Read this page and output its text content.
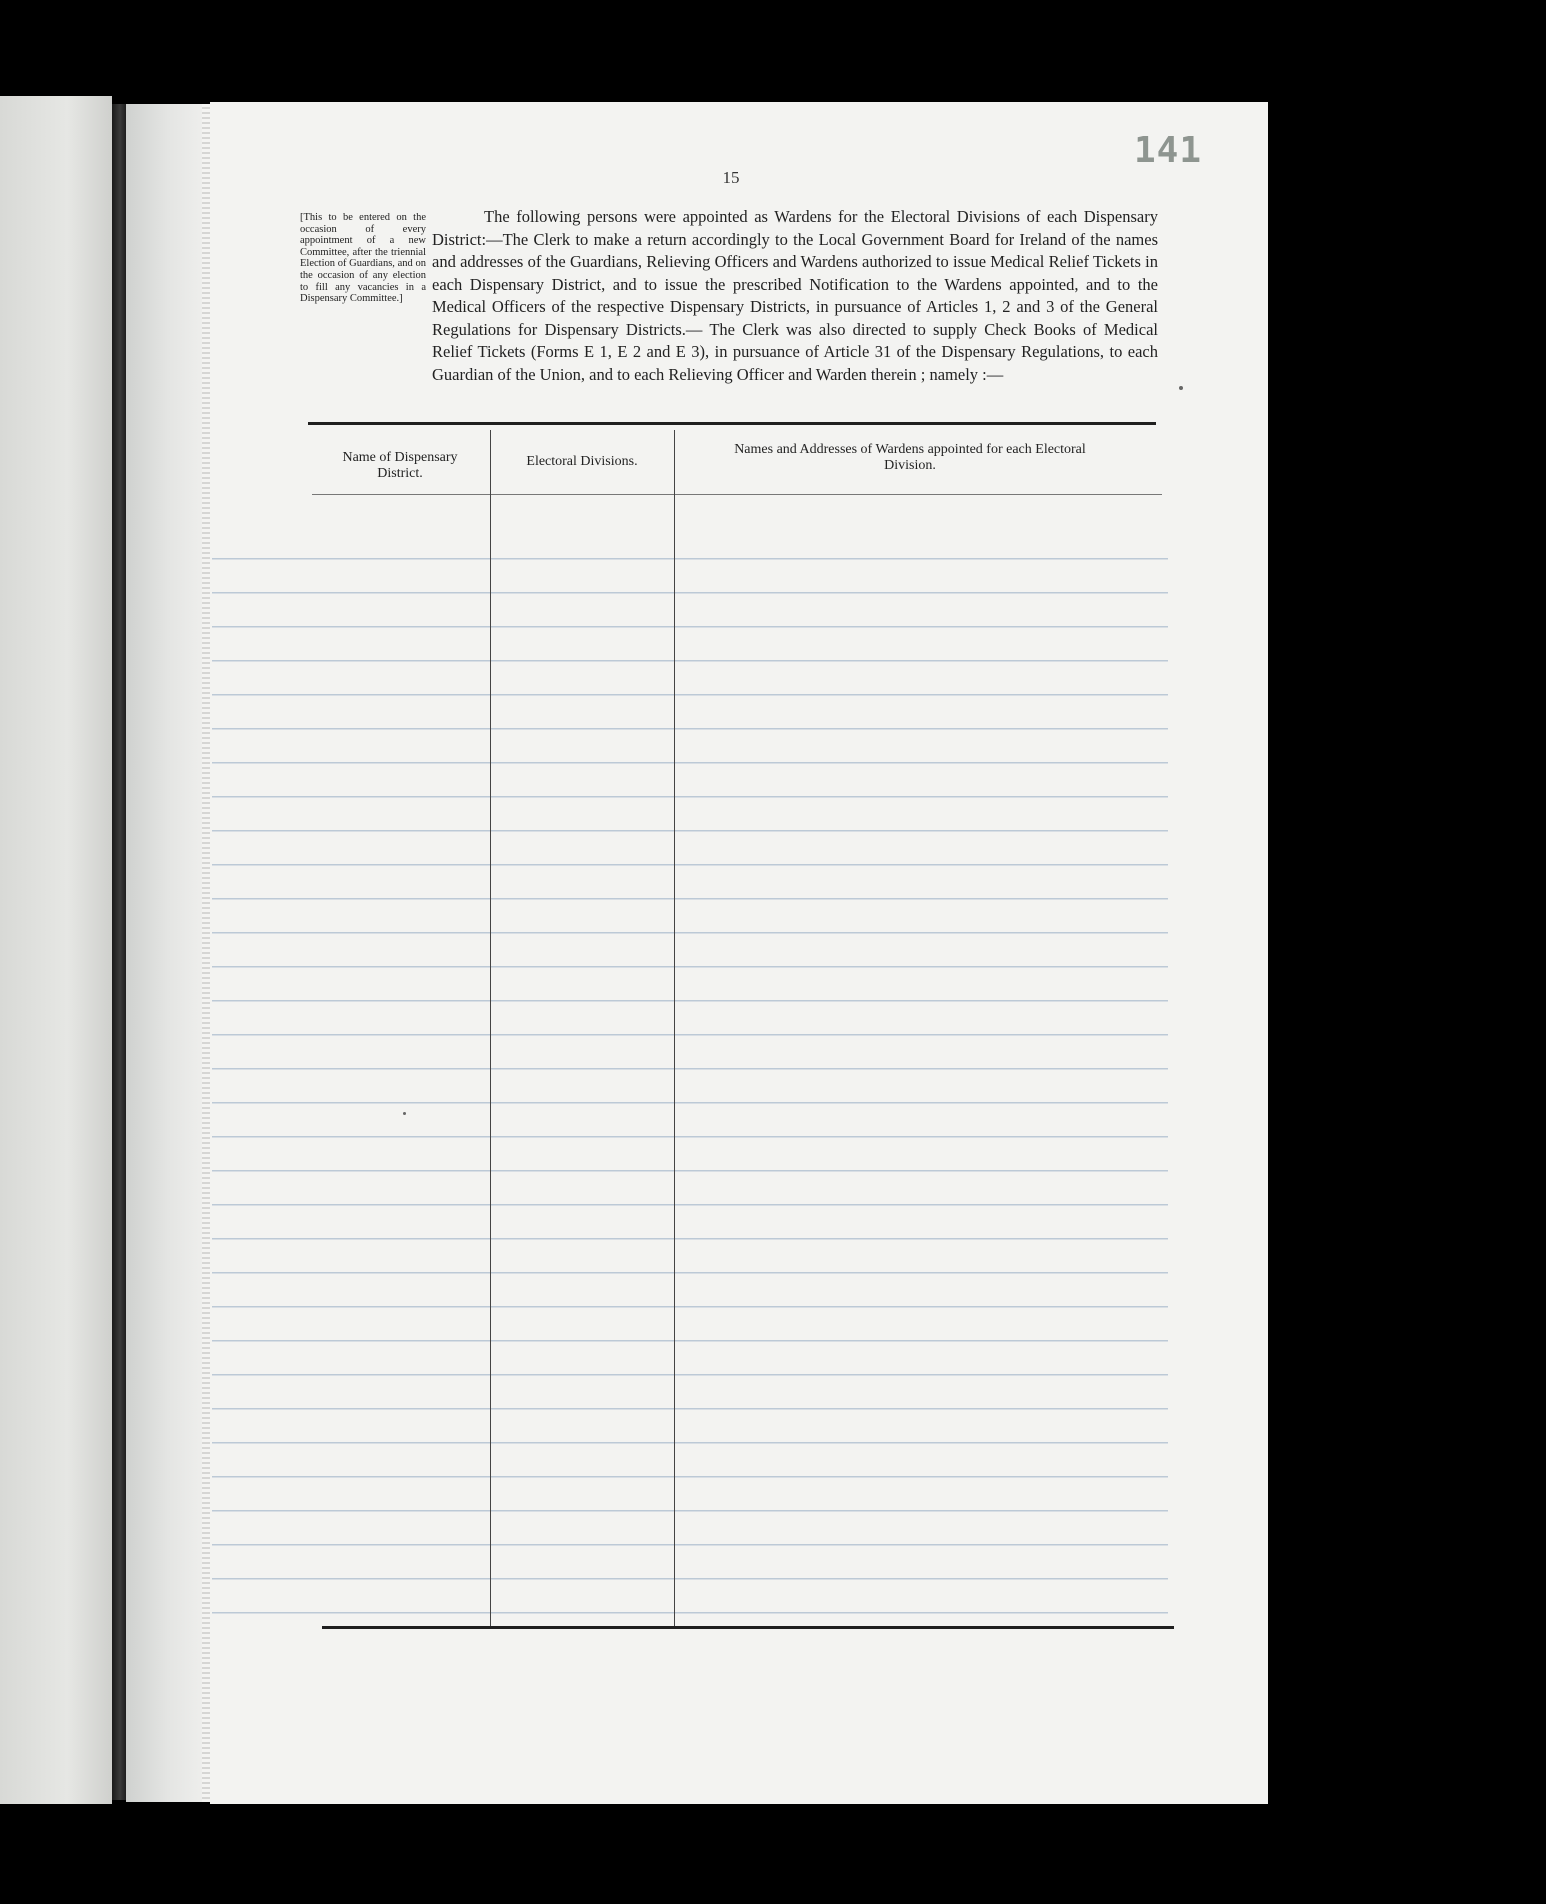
141
15
[This to be entered on the occasion of every appointment of a new Committee, after the triennial Election of Guardians, and on the occasion of any election to fill any vacancies in a Dispensary Committee.]
The following persons were appointed as Wardens for the Electoral Divisions of each Dispensary District:—The Clerk to make a return accordingly to the Local Government Board for Ireland of the names and addresses of the Guardians, Relieving Officers and Wardens authorized to issue Medical Relief Tickets in each Dispensary District, and to issue the prescribed Notification to the Wardens appointed, and to the Medical Officers of the respective Dispensary Districts, in pursuance of Articles 1, 2 and 3 of the General Regulations for Dispensary Districts.— The Clerk was also directed to supply Check Books of Medical Relief Tickets (Forms E 1, E 2 and E 3), in pursuance of Article 31 of the Dispensary Regulations, to each Guardian of the Union, and to each Relieving Officer and Warden therein ; namely :—
Name of Dispensary District.
Electoral Divisions.
Names and Addresses of Wardens appointed for each Electoral Division.
